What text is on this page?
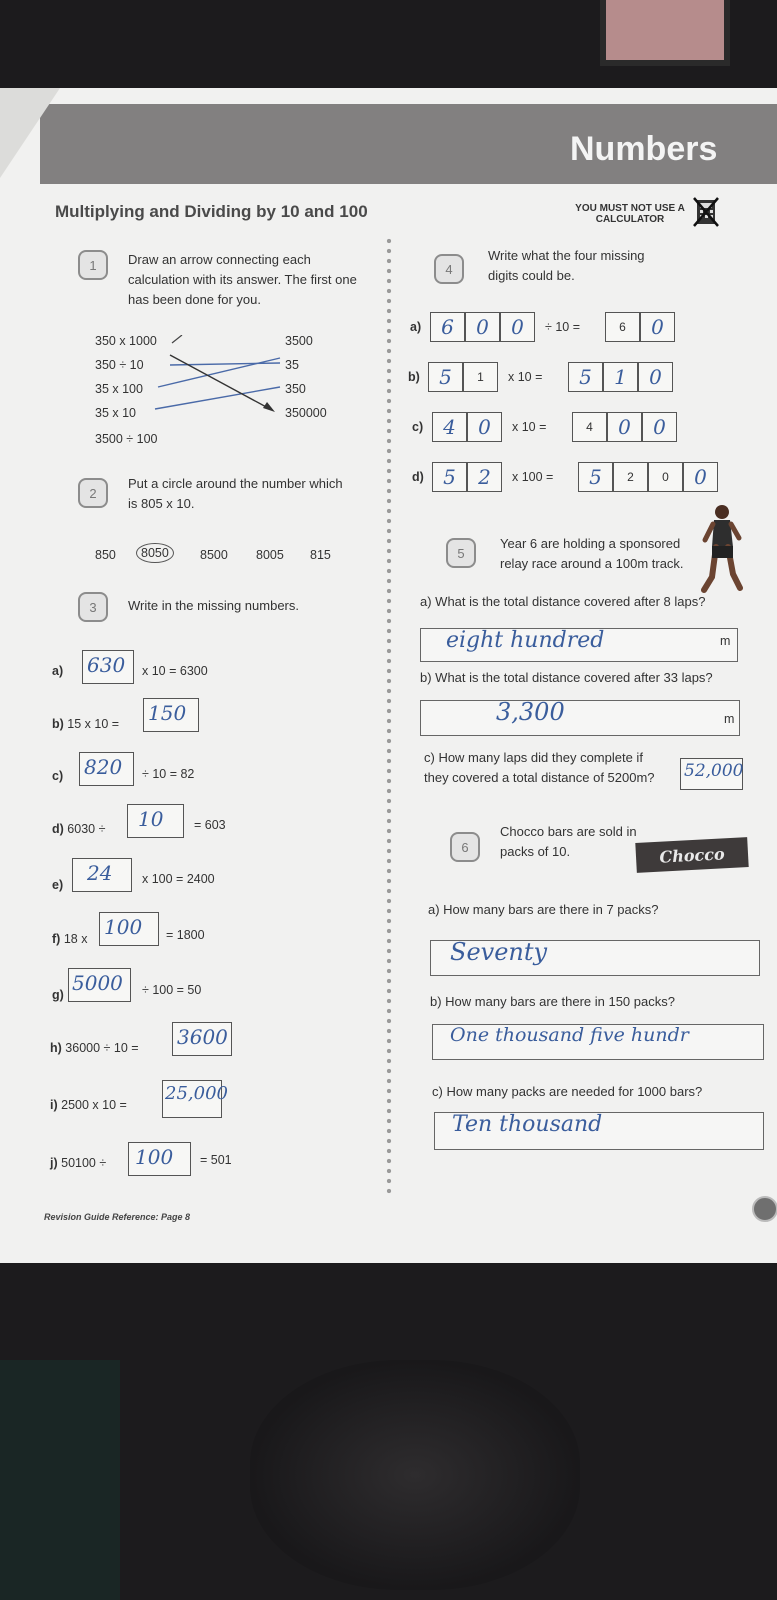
Numbers
Multiplying and Dividing by 10 and 100	YOU MUST NOT USE A CALCULATOR
1	Draw an arrow connecting each calculation with its answer. The first one has been done for you.
350 x 1000
350 ÷ 10
35 x 100
35 x 10
3500 ÷ 100
3500
35
350
350000
2
Put a circle around the number which is 805 x 10.
850	8050	8500 8005 815
3	Write in the missing numbers.
a) 630	x 10 = 6300
b) 15 x 10 = 150
c) 820	÷ 10 = 82
d) 6030 ÷	10	= 603
e)	24	x 100 = 2400
f) 18 x 100	= 1800
g) 5000	÷ 100 = 50
h) 36000 ÷ 10 = 3600
i) 2500 x 10 =
25,000
j) 50100 ÷	100	= 501
Revision Guide Reference: Page 8
4
Write what the four missing digits could be.
a)	6	0	0	÷ 10 =	6	0
b) 5	1	x 10 =	5	1	0
c)	4	0	x 10 =	4	0	0
d) 5	2	x 100 =	5	2	0	0
5
Year 6 are holding a sponsored relay race around a 100m track.
a) What is the total distance covered after 8 laps?
eight hundred	m
b) What is the total distance covered after 33 laps?
3,300	m
c) How many laps did they complete if
they covered a total distance of 5200m? 52,000
6
Chocco bars are sold in packs of 10.	Chocco
a) How many bars are there in 7 packs?
Seventy
b) How many bars are there in 150 packs?
One thousand five hundr
c) How many packs are needed for 1000 bars?
Ten thousand
